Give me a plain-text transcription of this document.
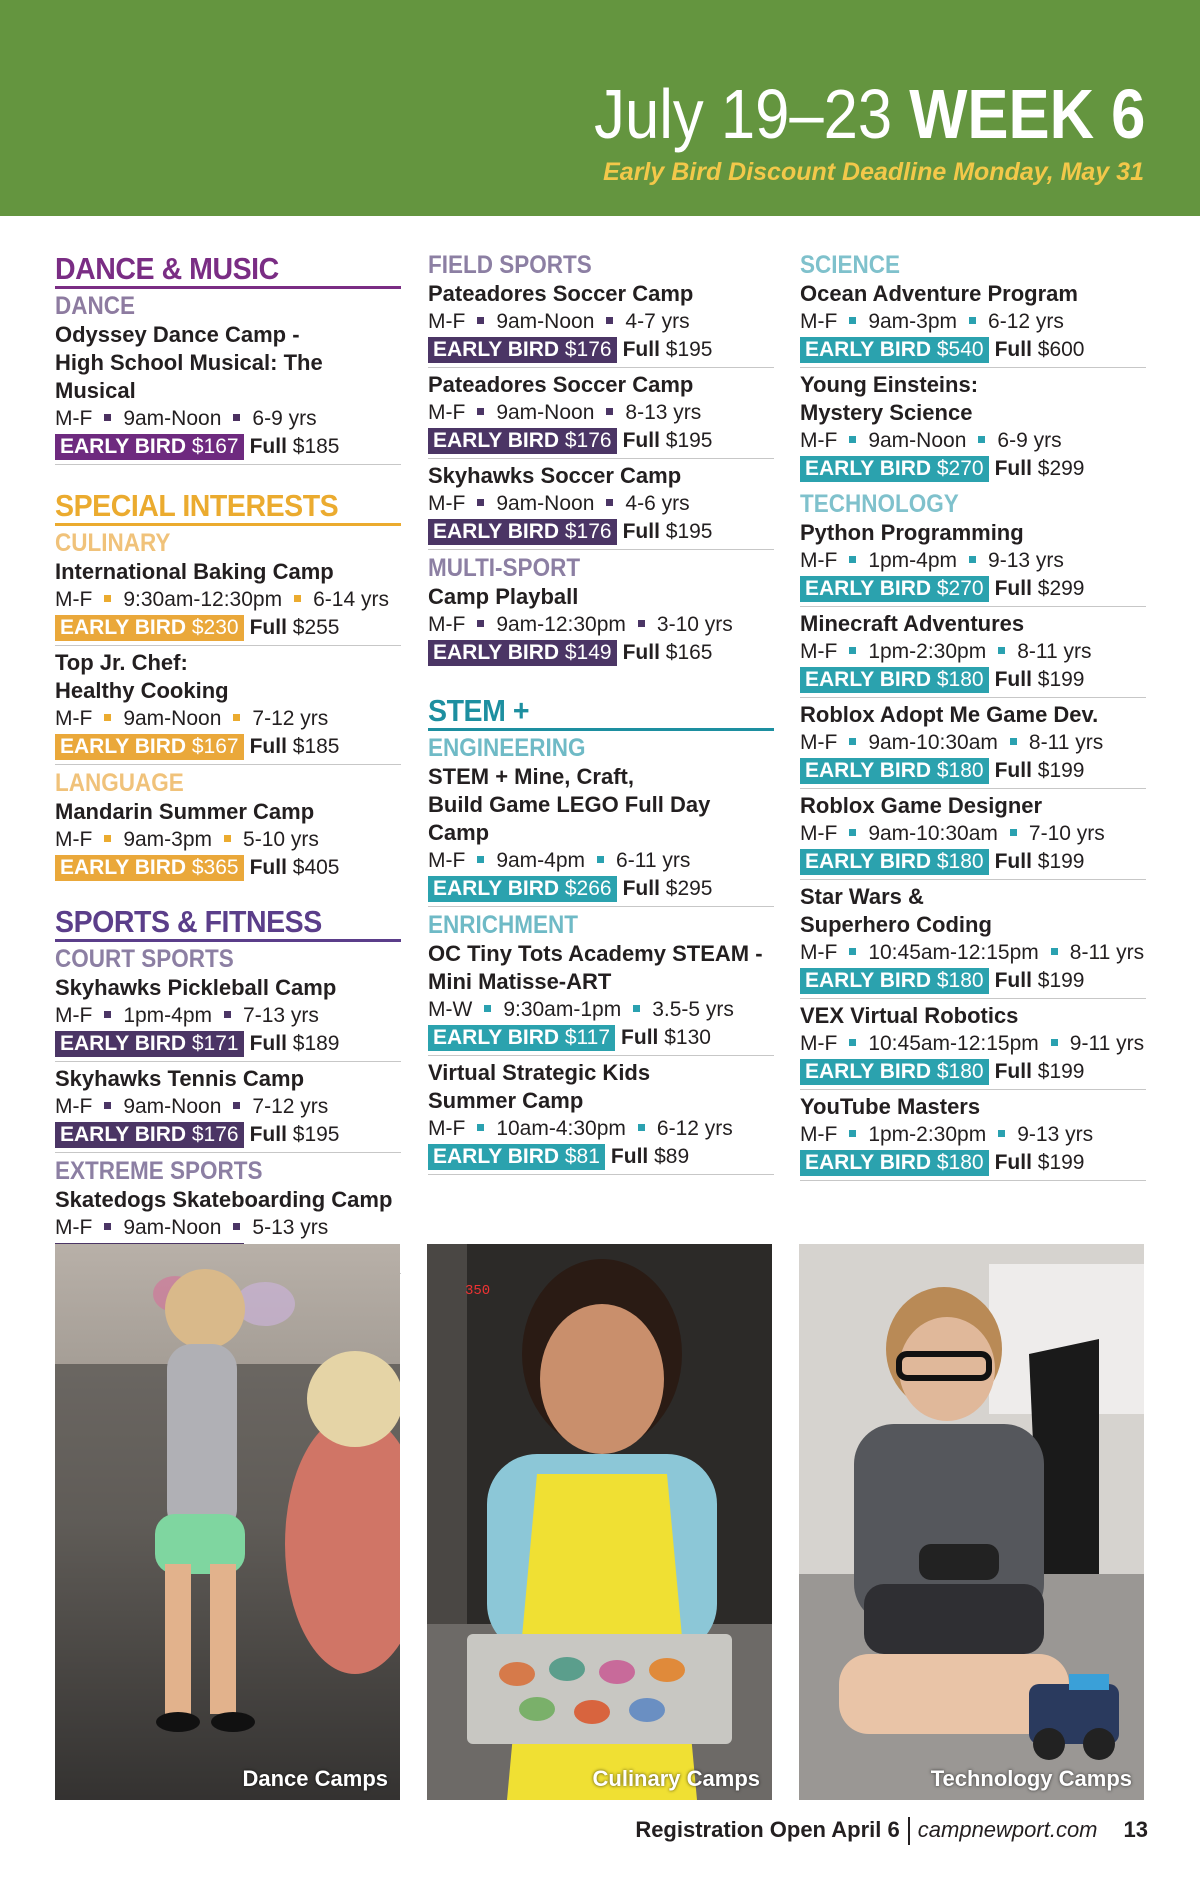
July 19–23 WEEK 6
Early Bird Discount Deadline Monday, May 31
DANCE & MUSIC
DANCE
Odyssey Dance Camp -
High School Musical: The Musical
M-F 9am-Noon 6-9 yrs
EARLY BIRD $167 Full $185
SPECIAL INTERESTS
CULINARY
International Baking Camp
M-F 9:30am-12:30pm 6-14 yrs
EARLY BIRD $230 Full $255
Top Jr. Chef:
Healthy Cooking
M-F 9am-Noon 7-12 yrs
EARLY BIRD $167 Full $185
LANGUAGE
Mandarin Summer Camp
M-F 9am-3pm 5-10 yrs
EARLY BIRD $365 Full $405
SPORTS & FITNESS
COURT SPORTS
Skyhawks Pickleball Camp
M-F 1pm-4pm 7-13 yrs
EARLY BIRD $171 Full $189
Skyhawks Tennis Camp
M-F 9am-Noon 7-12 yrs
EARLY BIRD $176 Full $195
EXTREME SPORTS
Skatedogs Skateboarding Camp
M-F 9am-Noon 5-13 yrs
FIELD SPORTS
Pateadores Soccer Camp
M-F 9am-Noon 4-7 yrs
EARLY BIRD $176 Full $195
Pateadores Soccer Camp
M-F 9am-Noon 8-13 yrs
EARLY BIRD $176 Full $195
Skyhawks Soccer Camp
M-F 9am-Noon 4-6 yrs
EARLY BIRD $176 Full $195
MULTI-SPORT
Camp Playball
M-F 9am-12:30pm 3-10 yrs
EARLY BIRD $149 Full $165
STEM +
ENGINEERING
STEM + Mine, Craft,
Build Game LEGO Full Day Camp
M-F 9am-4pm 6-11 yrs
EARLY BIRD $266 Full $295
ENRICHMENT
OC Tiny Tots Academy STEAM -
Mini Matisse-ART
M-W 9:30am-1pm 3.5-5 yrs
EARLY BIRD $117 Full $130
Virtual Strategic Kids
Summer Camp
M-F 10am-4:30pm 6-12 yrs
EARLY BIRD $81 Full $89
SCIENCE
Ocean Adventure Program
M-F 9am-3pm 6-12 yrs
EARLY BIRD $540 Full $600
Young Einsteins:
Mystery Science
M-F 9am-Noon 6-9 yrs
EARLY BIRD $270 Full $299
TECHNOLOGY
Python Programming
M-F 1pm-4pm 9-13 yrs
EARLY BIRD $270 Full $299
Minecraft Adventures
M-F 1pm-2:30pm 8-11 yrs
EARLY BIRD $180 Full $199
Roblox Adopt Me Game Dev.
M-F 9am-10:30am 8-11 yrs
EARLY BIRD $180 Full $199
Roblox Game Designer
M-F 9am-10:30am 7-10 yrs
EARLY BIRD $180 Full $199
Star Wars &
Superhero Coding
M-F 10:45am-12:15pm 8-11 yrs
EARLY BIRD $180 Full $199
VEX Virtual Robotics
M-F 10:45am-12:15pm 9-11 yrs
EARLY BIRD $180 Full $199
YouTube Masters
M-F 1pm-2:30pm 9-13 yrs
EARLY BIRD $180 Full $199
Dance Camps
350
Culinary Camps	Technology Camps
Registration Open April 6 campnewport.com 13
